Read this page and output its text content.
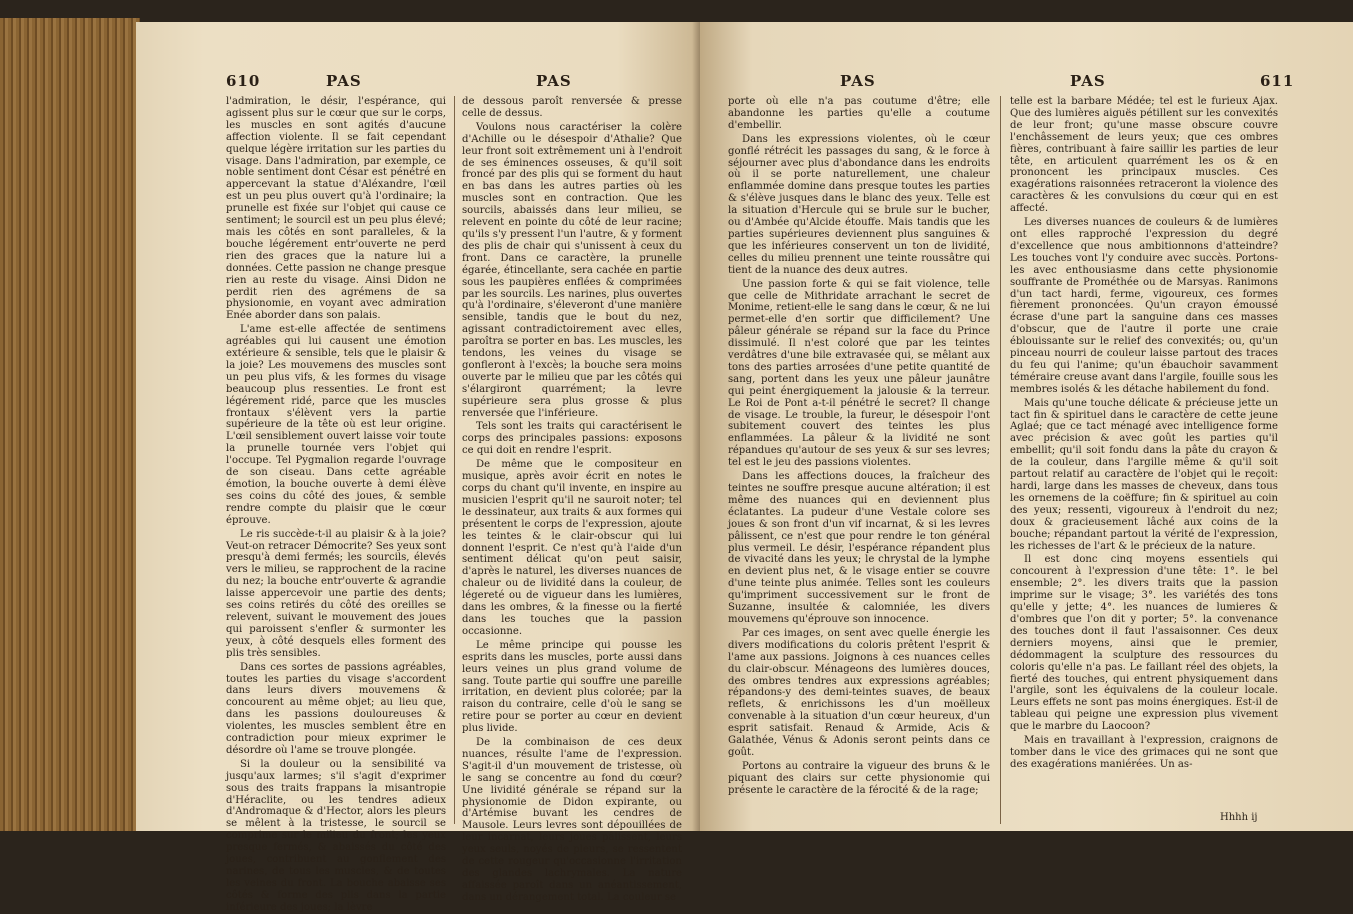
610	PAS	PAS

l'admiration, le désir, l'espérance, qui agissent plus sur le cœur que sur le corps, les muscles en sont agités d'aucune affection violente. Il se fait cependant quelque légère irritation sur les parties du visage. Dans l'admiration, par exemple, ce noble sentiment dont César est pénétré en appercevant la statue d'Aléxandre, l'œil est un peu plus ouvert qu'à l'ordinaire; la prunelle est fixée sur l'objet qui cause ce sentiment; le sourcil est un peu plus élevé; mais les côtés en sont paralleles, & la bouche légérement entr'ouverte ne perd rien des graces que la nature lui a données. Cette passion ne change presque rien au reste du visage. Ainsi Didon ne perdit rien des agrémens de sa physionomie, en voyant avec admiration Enée aborder dans son palais.

L'ame est-elle affectée de sentimens agréables qui lui causent une émotion extérieure & sensible, tels que le plaisir & la joie? Les mouvemens des muscles sont un peu plus vifs, & les formes du visage beaucoup plus ressenties. Le front est légérement ridé, parce que les muscles frontaux s'élèvent vers la partie supérieure de la tête où est leur origine. L'œil sensiblement ouvert laisse voir toute la prunelle tournée vers l'objet qui l'occupe. Tel Pygmalion regarde l'ouvrage de son ciseau. Dans cette agréable émotion, la bouche ouverte à demi élève ses coins du côté des joues, & semble rendre compte du plaisir que le cœur éprouve.

Le ris succède-t-il au plaisir & à la joie? Veut-on retracer Démocrite? Ses yeux sont presqu'à demi fermés; les sourcils, élevés vers le milieu, se rapprochent de la racine du nez; la bouche entr'ouverte & agrandie laisse appercevoir une partie des dents; ses coins retirés du côté des oreilles se relevent, suivant le mouvement des joues qui paroissent s'enfler & surmonter les yeux, à côté desquels elles forment des plis très sensibles.

Dans ces sortes de passions agréables, toutes les parties du visage s'accordent dans leurs divers mouvemens & concourent au même objet; au lieu que, dans les passions douloureuses & violentes, les muscles semblent être en contradiction pour mieux exprimer le désordre où l'ame se trouve plongée.

Si la douleur ou la sensibilité va jusqu'aux larmes; s'il s'agit d'exprimer sous des traits frappans la misantropie d'Héraclite, ou les tendres adieux d'Andromaque & d'Hector, alors les pleurs se mêlent à la tristesse, le sourcil se comprime sur le milieu du front; les yeux presque fermés, & abaissés du côté des joues, contribuent au gonflement des narines, de tous les muscles, & de toutes les veines du front. La bouche abaisse ses côtés & forme des plis dans la partie inférieure des joues; la lèvre

de dessous paroît renversée & presse celle de dessus.

Voulons nous caractériser la colère d'Achille ou le désespoir d'Athalie? Que leur front soit extrêmement uni à l'endroit de ses éminences osseuses, & qu'il soit froncé par des plis qui se forment du haut en bas dans les autres parties où les muscles sont en contraction. Que les sourcils, abaissés dans leur milieu, se relevent en pointe du côté de leur racine; qu'ils s'y pressent l'un l'autre, & y forment des plis de chair qui s'unissent à ceux du front. Dans ce caractère, la prunelle égarée, étincellante, sera cachée en partie sous les paupières enflées & comprimées par les sourcils. Les narines, plus ouvertes qu'à l'ordinaire, s'éleveront d'une manière sensible, tandis que le bout du nez, agissant contradictoirement avec elles, paroîtra se porter en bas. Les muscles, les tendons, les veines du visage se gonfleront à l'excès; la bouche sera moins ouverte par le milieu que par les côtés qui s'élargiront quarrément; la levre supérieure sera plus grosse & plus renversée que l'inférieure.

Tels sont les traits qui caractérisent le corps des principales passions: exposons ce qui doit en rendre l'esprit.

De même que le compositeur en musique, après avoir écrit en notes le corps du chant qu'il invente, en inspire au musicien l'esprit qu'il ne sauroit noter; tel le dessinateur, aux traits & aux formes qui présentent le corps de l'expression, ajoute les teintes & le clair-obscur qui lui donnent l'esprit. Ce n'est qu'à l'aide d'un sentiment délicat qu'on peut saisir, d'après le naturel, les diverses nuances de chaleur ou de lividité dans la couleur, de légereté ou de vigueur dans les lumières, dans les ombres, & la finesse ou la fierté dans les touches que la passion occasionne.

Le même principe qui pousse les esprits dans les muscles, porte aussi dans leurs veines un plus grand volume de sang. Toute partie qui souffre une pareille irritation, en devient plus colorée; par la raison du contraire, celle d'où le sang se retire pour se porter au cœur en devient plus livide.

De la combinaison de ces deux nuances, résulte l'ame de l'expression. S'agit-il d'un mouvement de tristesse, où le sang se concentre au fond du cœur? Une lividité générale se répand sur la physionomie de Didon expirante, ou d'Artémise buvant les cendres de Mausole. Leurs levres sont dépouillées de leur incarnat, leurs joues pâlissent, leurs yeux seuls, noyés de pleurs, se ressentent de cette rougeur qu'occasionne l'irritation des glandes lachrymales. La nature affaissée paroît dans un anéantissement, dans un dérangement total. La couleur se

PAS	PAS	611

porte où elle n'a pas coutume d'être; elle abandonne les parties qu'elle a coutume d'embellir.

Dans les expressions violentes, où le cœur gonflé rétrécit les passages du sang, & le force à séjourner avec plus d'abondance dans les endroits où il se porte naturellement, une chaleur enflammée domine dans presque toutes les parties & s'élève jusques dans le blanc des yeux. Telle est la situation d'Hercule qui se brule sur le bucher, ou d'Ambée qu'Alcide étouffe. Mais tandis que les parties supérieures deviennent plus sanguines & que les inférieures conservent un ton de lividité, celles du milieu prennent une teinte roussâtre qui tient de la nuance des deux autres.

Une passion forte & qui se fait violence, telle que celle de Mithridate arrachant le secret de Monime, retient-elle le sang dans le cœur, & ne lui permet-elle d'en sortir que difficilement? Une pâleur générale se répand sur la face du Prince dissimulé. Il n'est coloré que par les teintes verdâtres d'une bile extravasée qui, se mêlant aux tons des parties arrosées d'une petite quantité de sang, portent dans les yeux une pâleur jaunâtre qui peint énergiquement la jalousie & la terreur. Le Roi de Pont a-t-il pénétré le secret? Il change de visage. Le trouble, la fureur, le désespoir l'ont subitement couvert des teintes les plus enflammées. La pâleur & la lividité ne sont répandues qu'autour de ses yeux & sur ses levres; tel est le jeu des passions violentes.

Dans les affections douces, la fraîcheur des teintes ne souffre presque aucune altération; il est même des nuances qui en deviennent plus éclatantes. La pudeur d'une Vestale colore ses joues & son front d'un vif incarnat, & si les levres pâlissent, ce n'est que pour rendre le ton général plus vermeil. Le désir, l'espérance répandent plus de vivacité dans les yeux; le chrystal de la lymphe en devient plus net, & le visage entier se couvre d'une teinte plus animée. Telles sont les couleurs qu'impriment successivement sur le front de Suzanne, insultée & calomniée, les divers mouvemens qu'éprouve son innocence.

Par ces images, on sent avec quelle énergie les divers modifications du coloris prêtent l'esprit & l'ame aux passions. Joignons à ces nuances celles du clair-obscur. Ménageons des lumières douces, des ombres tendres aux expressions agréables; répandons-y des demi-teintes suaves, de beaux reflets, & enrichissons les d'un moëlleux convenable à la situation d'un cœur heureux, d'un esprit satisfait. Renaud & Armide, Acis & Galathée, Vénus & Adonis seront peints dans ce goût.

Portons au contraire la vigueur des bruns & le piquant des clairs sur cette physionomie qui présente le caractère de la férocité & de la rage;

telle est la barbare Médée; tel est le furieux Ajax. Que des lumières aiguës pétillent sur les convexités de leur front; qu'une masse obscure couvre l'enchâssement de leurs yeux; que ces ombres fières, contribuant à faire saillir les parties de leur tête, en articulent quarrément les os & en prononcent les principaux muscles. Ces exagérations raisonnées retraceront la violence des caractères & les convulsions du cœur qui en est affecté.

Les diverses nuances de couleurs & de lumières ont elles rapproché l'expression du degré d'excellence que nous ambitionnons d'atteindre? Les touches vont l'y conduire avec succès. Portons-les avec enthousiasme dans cette physionomie souffrante de Prométhée ou de Marsyas. Ranimons d'un tact hardi, ferme, vigoureux, ces formes fièrement prononcées. Qu'un crayon émoussé écrase d'une part la sanguine dans ces masses d'obscur, que de l'autre il porte une craie éblouissante sur le relief des convexités; ou, qu'un pinceau nourri de couleur laisse partout des traces du feu qui l'anime; qu'un ébauchoir savamment téméraire creuse avant dans l'argile, fouille sous les membres isolés & les détache habilement du fond.

Mais qu'une touche délicate & précieuse jette un tact fin & spirituel dans le caractère de cette jeune Aglaé; que ce tact ménagé avec intelligence forme avec précision & avec goût les parties qu'il embellit; qu'il soit fondu dans la pâte du crayon & de la couleur, dans l'argille même & qu'il soit partout relatif au caractère de l'objet qui le reçoit: hardi, large dans les masses de cheveux, dans tous les ornemens de la coëffure; fin & spirituel au coin des yeux; ressenti, vigoureux à l'endroit du nez; doux & gracieusement lâché aux coins de la bouche; répandant partout la vérité de l'expression, les richesses de l'art & le précieux de la nature.

Il est donc cinq moyens essentiels qui concourent à l'expression d'une tête: 1°. le bel ensemble; 2°. les divers traits que la passion imprime sur le visage; 3°. les variétés des tons qu'elle y jette; 4°. les nuances de lumieres & d'ombres que l'on dit y porter; 5°. la convenance des touches dont il faut l'assaisonner. Ces deux derniers moyens, ainsi que le premier, dédommagent la sculpture des ressources du coloris qu'elle n'a pas. Le faillant réel des objets, la fierté des touches, qui entrent physiquement dans l'argile, sont les équivalens de la couleur locale. Leurs effets ne sont pas moins énergiques. Est-il de tableau qui peigne une expression plus vivement que le marbre du Laocoon?

Mais en travaillant à l'expression, craignons de tomber dans le vice des grimaces qui ne sont que des exagérations maniérées. Un as-

Hhhh ij
